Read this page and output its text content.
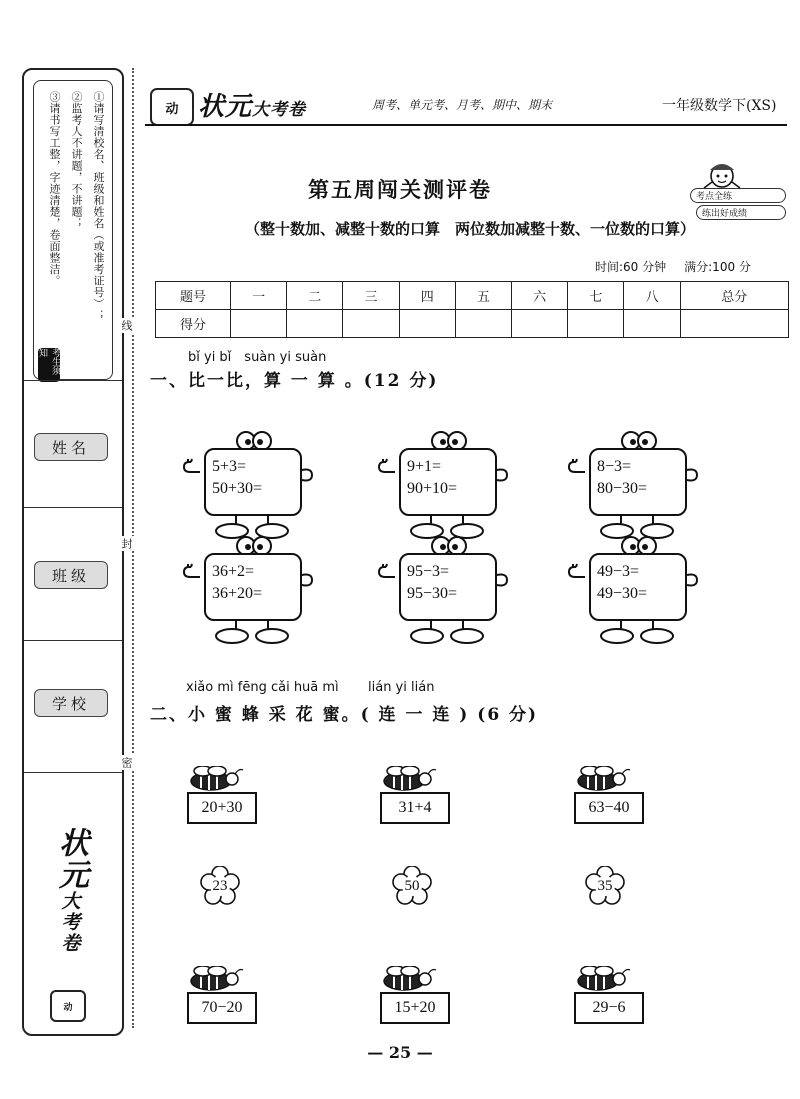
①请写清校名、班级和姓名（或准考证号）；
②监考人不讲题，不讲题；
③请书写工整，字迹清楚，卷面整洁。
考生须知
姓名
班级
学校
状元
大考卷
动
线
封
密
动 状元大考卷	周考、单元考、月考、期中、期末	一年级数学下(XS)
第五周闯关测评卷	考点全练
练出好成绩
（整十数加、减整十数的口算　两位数加减整十数、一位数的口算）
时间:60 分钟 满分:100 分
题号	一	二	三	四	五	六	七	八	总分
得分									
bǐ yi bǐ　suàn yi suàn
一、比一比，算 一 算 。(12 分)
5+3=
50+30=
9+1=
90+10=
8−3=
80−30=
36+2=
36+20=
95−3=
95−30=
49−3=
49−30=
xiǎo mì fēng cǎi huā mì lián yi lián
二、小 蜜 蜂 采 花 蜜。( 连 一 连 ) (6 分)
20+30	31+4	63−40
70−20	15+20	29−6
23	50	35
— 25 —
